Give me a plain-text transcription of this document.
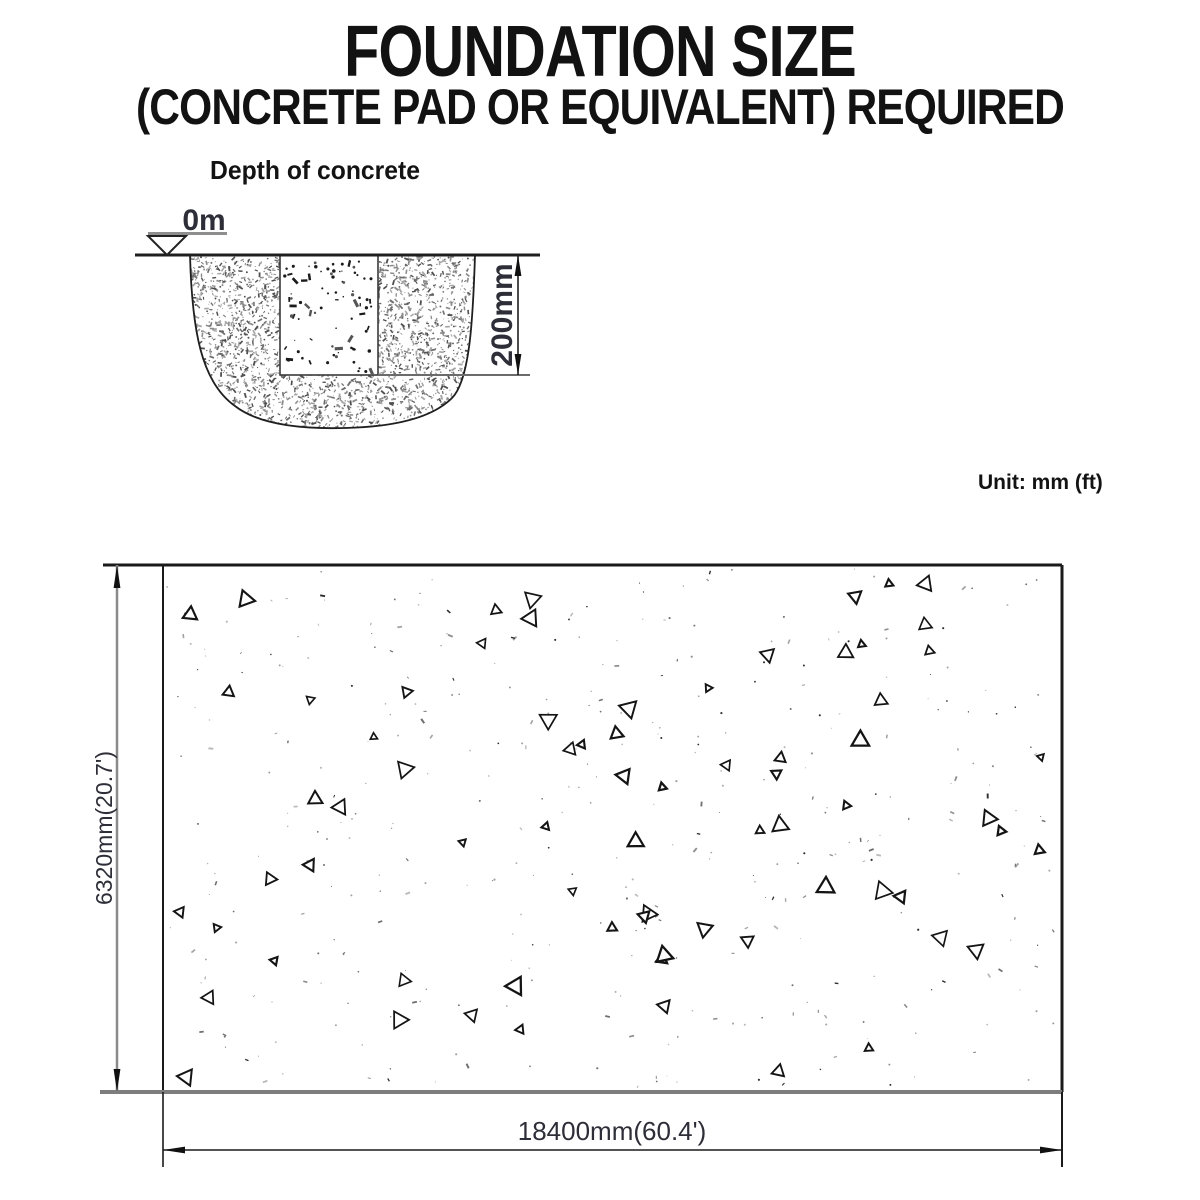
FOUNDATION SIZE
(CONCRETE PAD OR EQUIVALENT) REQUIRED
Depth of concrete
0m
200mm
Unit: mm (ft)
6320mm(20.7')
18400mm(60.4')
